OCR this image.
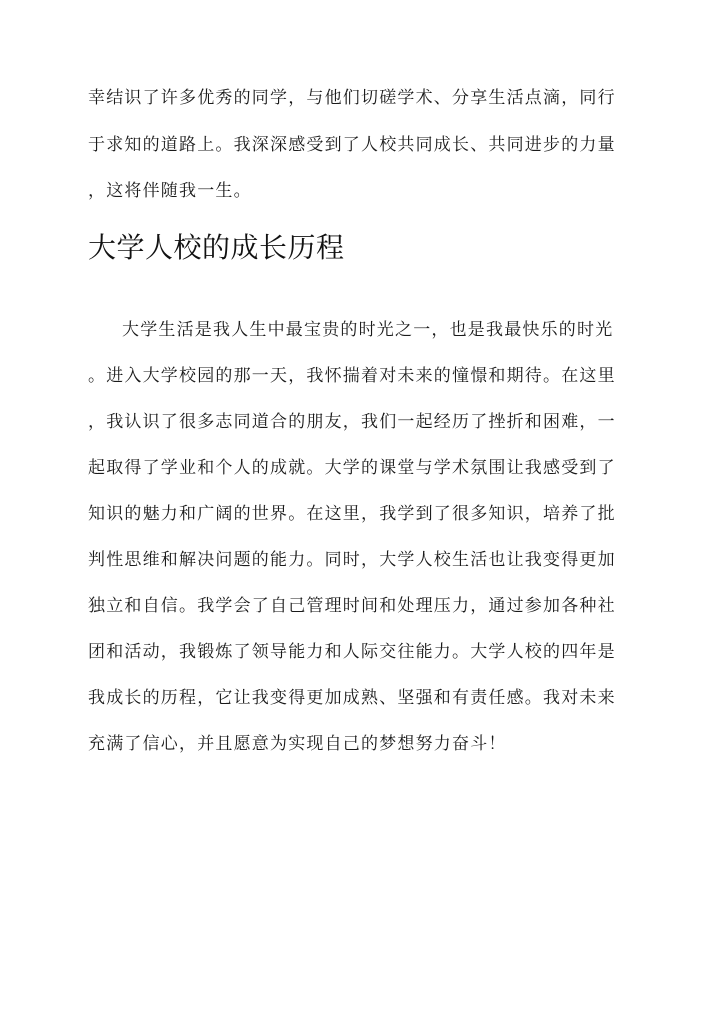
幸结识了许多优秀的同学，与他们切磋学术、分享生活点滴，同行
于求知的道路上。我深深感受到了人校共同成长、共同进步的力量
，这将伴随我一生。
大学人校的成长历程
大学生活是我人生中最宝贵的时光之一，也是我最快乐的时光
。进入大学校园的那一天，我怀揣着对未来的憧憬和期待。在这里
，我认识了很多志同道合的朋友，我们一起经历了挫折和困难，一
起取得了学业和个人的成就。大学的课堂与学术氛围让我感受到了
知识的魅力和广阔的世界。在这里，我学到了很多知识，培养了批
判性思维和解决问题的能力。同时，大学人校生活也让我变得更加
独立和自信。我学会了自己管理时间和处理压力，通过参加各种社
团和活动，我锻炼了领导能力和人际交往能力。大学人校的四年是
我成长的历程，它让我变得更加成熟、坚强和有责任感。我对未来
充满了信心，并且愿意为实现自己的梦想努力奋斗！
